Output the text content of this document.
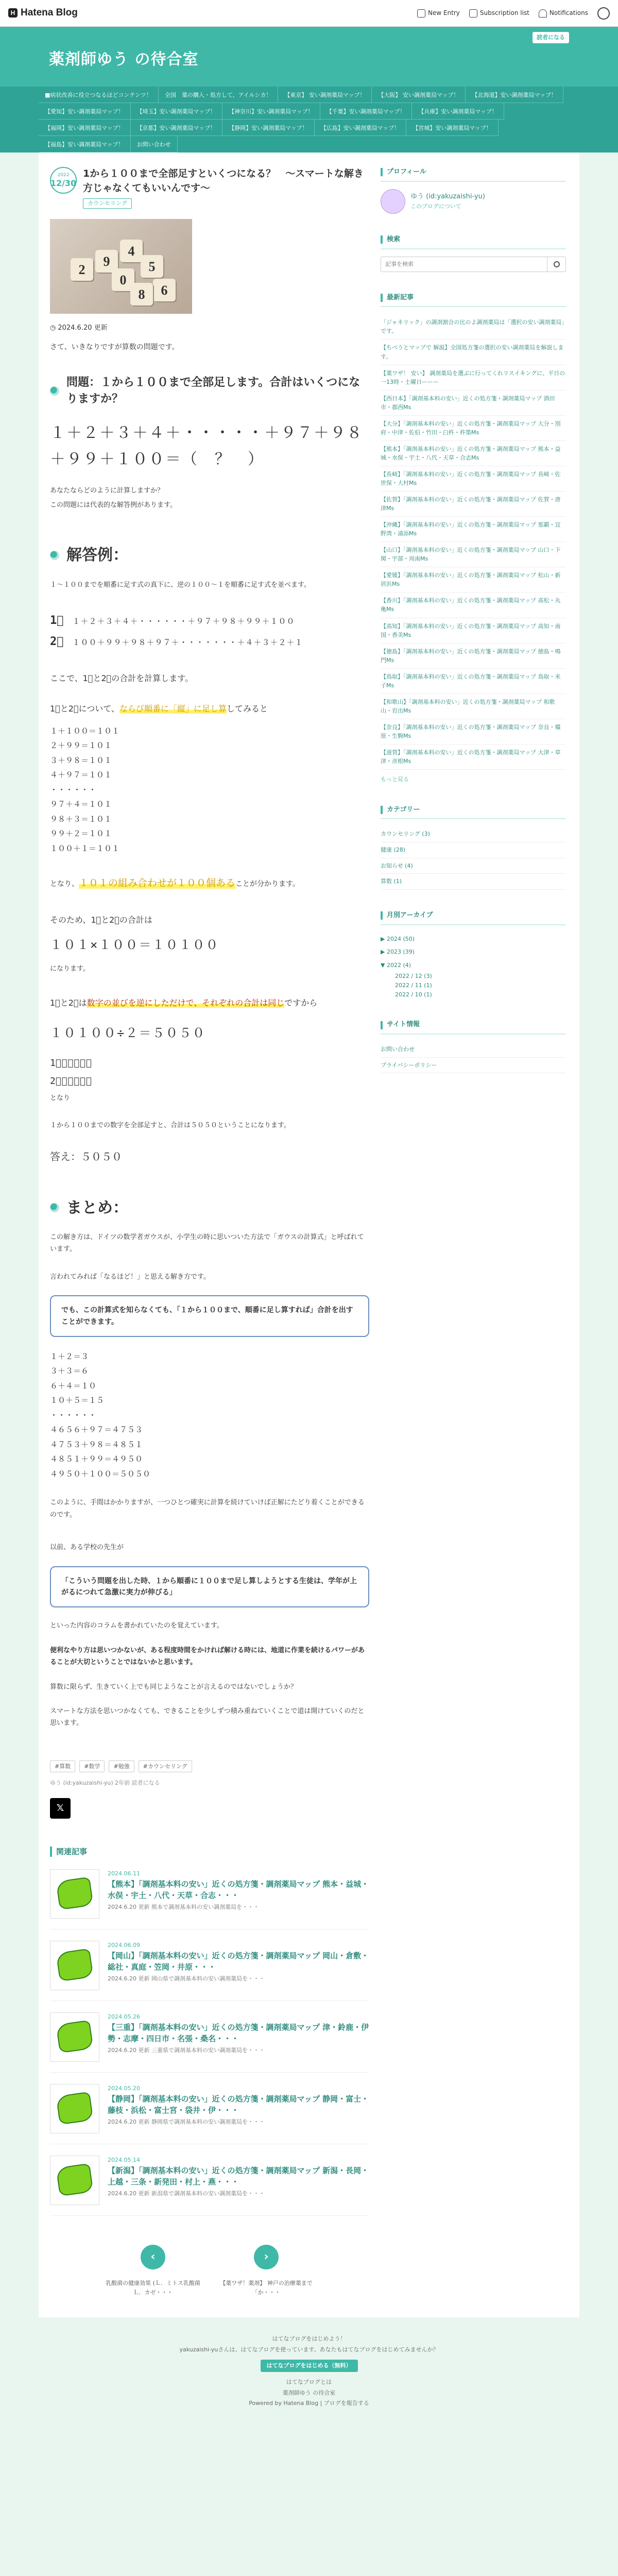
H Hatena Blog	New Entry	Subscription list	Notifications
薬剤師ゆう の待合室
読者になる
■病状改善に役立つなるほどコンテンツ！	全国　薬の購入・処方して、アイルシカ！	【東京】 安い調剤薬局マップ！	【大阪】 安い調剤薬局マップ！	【北海道】安い調剤薬局マップ！
【愛知】安い調剤薬局マップ！	【埼玉】安い調剤薬局マップ！	【神奈川】安い調剤薬局マップ！	【千葉】安い調剤薬局マップ！	【兵庫】安い調剤薬局マップ！
【福岡】安い調剤薬局マップ！	【京都】安い調剤薬局マップ！	【静岡】安い調剤薬局マップ！	【広島】安い調剤薬局マップ！	【宮城】安い調剤薬局マップ！
【福島】安い調剤薬局マップ！	お問い合わせ
2022
12/30
1から１００まで全部足すといくつになる？　〜スマートな解き方じゃなくてもいいんです〜
カウンセリング
2
9
4
0
5
6
8
◷ 2024.6.20 更新

さて、いきなりですが算数の問題です。

問題：１から１００まで全部足します。合計はいくつになりますか？
１＋２＋３＋４＋・・・・・＋９７＋９８＋９９＋１００＝（　？　）

あなたならどのように計算しますか？

この問題には代表的な解答例があります。

解答例：

１〜１００までを順番に足す式の真下に、逆の１００〜１を順番に足す式を並べます。

1⃣　１＋２＋３＋４＋・・・・・・＋９７＋９８＋９９＋１００
2⃣　１００＋９９＋９８＋９７＋・・・・・・・＋４＋３＋２＋１

ここで、1⃣と2⃣の合計を計算します。

1⃣と2⃣について、ならび順番に「縦」に足し算してみると

１＋１００＝１０１
２＋９９＝１０１
３＋９８＝１０１
４＋９７＝１０１
・・・・・・
９７＋４＝１０１
９８＋３＝１０１
９９＋２＝１０１
１００＋１＝１０１

となり、１０１の組み合わせが１００個あることが分かります。

そのため、1⃣と2⃣の合計は

１０１×１００＝１０１００

になります。

1⃣と2⃣は数字の並びを逆にしただけで、それぞれの合計は同じですから

１０１００÷２＝５０５０
1⃣＝５０５０
2⃣＝５０５０

となり

１から１００までの数字を全部足すと、合計は５０５０ということになります。

答え：５０５０

まとめ：

この解き方は、ドイツの数学者ガウスが、小学生の時に思いついた方法で「ガウスの計算式」と呼ばれています。

言われてみれば「なるほど！」と思える解き方です。

でも、この計算式を知らなくても、「１から１００まで、順番に足し算すれば」合計を出すことができます。
１＋２＝３
３＋３＝６
６＋４＝１０
１０＋５＝１５
・・・・・・
４６５６＋９７＝４７５３
４７５３＋９８＝４８５１
４８５１＋９９＝４９５０
４９５０＋１００＝５０５０

このように、手間はかかりますが、一つひとつ確実に計算を続けていけば正解にたどり着くことができるのです。

以前、ある学校の先生が

「こういう問題を出した時、１から順番に１００まで足し算しようとする生徒は、学年が上がるにつれて急激に実力が伸びる」

といった内容のコラムを書かれていたのを覚えています。

便利なやり方は思いつかないが、ある程度時間をかければ解ける時には、地道に作業を続けるパワーがあることが大切ということではないかと思います。

算数に限らず、生きていく上でも同じようなことが言えるのではないでしょうか？

スマートな方法を思いつかなくても、できることを少しずつ積み重ねていくことで道は開けていくのだと思います。

#算数	#数学	#勉強	#カウンセリング
ゆう (id:yakuzaishi-yu) 2年前 読者になる
𝕏
関連記事
2024.06.11
【熊本】「調剤基本料の安い」近くの処方箋・調剤薬局マップ 熊本・益城・水俣・宇土・八代・天草・合志・・・
2024.6.20 更新 熊本で調剤基本料の安い調剤薬局を・・・
2024.06.09
【岡山】「調剤基本料の安い」近くの処方箋・調剤薬局マップ 岡山・倉敷・総社・真庭・笠岡・井原・・・
2024.6.20 更新 岡山県で調剤基本料の安い調剤薬局を・・・
2024.05.26
【三重】「調剤基本料の安い」近くの処方箋・調剤薬局マップ 津・鈴鹿・伊勢・志摩・四日市・名張・桑名・・・
2024.6.20 更新 三重県で調剤基本料の安い調剤薬局を・・・
2024.05.20
【静岡】「調剤基本料の安い」近くの処方箋・調剤薬局マップ 静岡・富士・藤枝・浜松・富士宮・袋井・伊・・・
2024.6.20 更新 静岡県で調剤基本料の安い調剤薬局を・・・
2024.05.14
【新潟】「調剤基本料の安い」近くの処方箋・調剤薬局マップ 新潟・長岡・上越・三条・新発田・村上・燕・・・
2024.6.20 更新 新潟県で調剤基本料の安い調剤薬局を・・・
‹
乳酸菌の健康効果 (Ｌ．ミトス乳酸菌 Ｌ．カゼ・・・
›
【薬ワザ！薬剤】 神戸の治療薬まで「か・・・
プロフィール
ゆう (id:yakuzaishi-yu)
このブログについて
検索
記事を検索
最新記事
「ジャネリック」の調剤割合の比のよ調剤薬局は「選択の安い調剤薬局」です。
【ちべうとマップで 解説】全国処方箋の選択の安い調剤薬局を解説します。
【薬ワザ！ 安い】 調剤薬局を選ぶに行ってくれリスイキングに、平日の一13時・土曜日ーーー
【西日本】「調剤基本料の安い」近くの処方箋・調剤薬局マップ 酒田市・郡西Ms
【大分】「調剤基本料の安い」近くの処方箋・調剤薬局マップ 大分・別府・中津・佐伯・竹田・臼杵・杵築Ms
【熊本】「調剤基本料の安い」近くの処方箋・調剤薬局マップ 熊本・益城・水俣・宇土・八代・天草・合志Ms
【長崎】「調剤基本料の安い」近くの処方箋・調剤薬局マップ 長崎・佐世保・大村Ms
【佐賀】「調剤基本料の安い」近くの処方箋・調剤薬局マップ 佐賀・唐津Ms
【沖縄】「調剤基本料の安い」近くの処方箋・調剤薬局マップ 那覇・宜野湾・浦添Ms
【山口】「調剤基本料の安い」近くの処方箋・調剤薬局マップ 山口・下関・宇部・周南Ms
【愛媛】「調剤基本料の安い」近くの処方箋・調剤薬局マップ 松山・新居浜Ms
【香川】「調剤基本料の安い」近くの処方箋・調剤薬局マップ 高松・丸亀Ms
【高知】「調剤基本料の安い」近くの処方箋・調剤薬局マップ 高知・南国・香美Ms
【徳島】「調剤基本料の安い」近くの処方箋・調剤薬局マップ 徳島・鳴門Ms
【鳥取】「調剤基本料の安い」近くの処方箋・調剤薬局マップ 鳥取・米子Ms
【和歌山】「調剤基本料の安い」近くの処方箋・調剤薬局マップ 和歌山・岩出Ms
【奈良】「調剤基本料の安い」近くの処方箋・調剤薬局マップ 奈良・橿原・生駒Ms
【滋賀】「調剤基本料の安い」近くの処方箋・調剤薬局マップ 大津・草津・彦根Ms
もっと見る
カテゴリー
カウンセリング (3)
健康 (28)
お知らせ (4)
算数 (1)
月別アーカイブ
▶ 2024 (50)
▶ 2023 (39)
▼ 2022 (4)
2022 / 12 (3)
2022 / 11 (1)
2022 / 10 (1)
サイト情報
お問い合わせ
プライバシーポリシー
はてなブログをはじめよう！
yakuzaishi-yuさんは、はてなブログを使っています。あなたもはてなブログをはじめてみませんか？
はてなブログをはじめる（無料）
はてなブログとは
薬剤師ゆう の待合室
Powered by Hatena Blog | ブログを報告する
